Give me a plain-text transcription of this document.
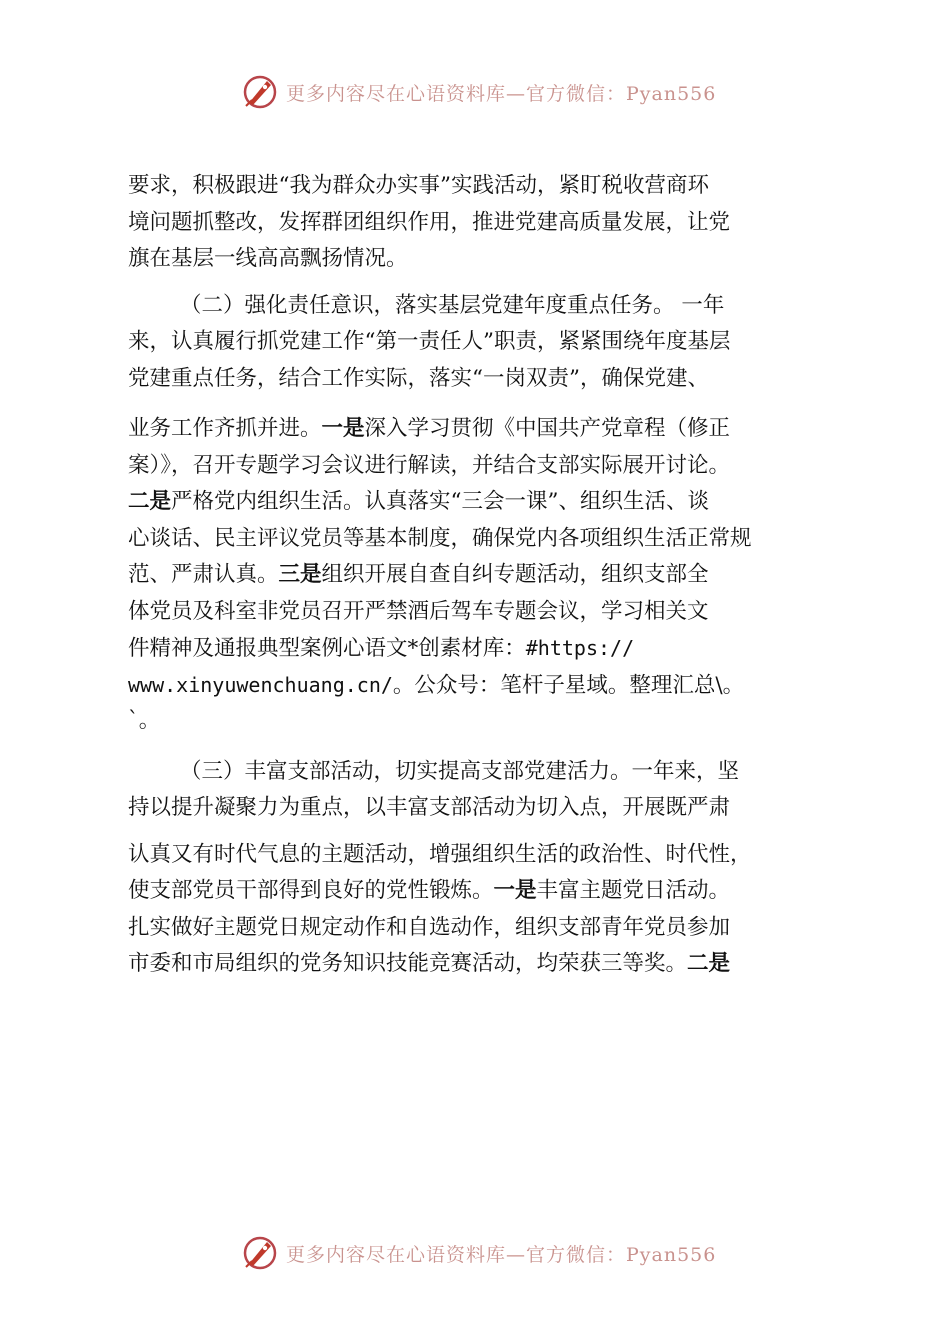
更多内容尽在心语资料库—官方微信：Pyan556
要求，积极跟进“我为群众办实事”实践活动，紧盯税收营商环
境问题抓整改，发挥群团组织作用，推进党建高质量发展，让党
旗在基层一线高高飘扬情况。
（二）强化责任意识，落实基层党建年度重点任务。 一年
来，认真履行抓党建工作“第一责任人”职责，紧紧围绕年度基层
党建重点任务，结合工作实际，落实“一岗双责”，确保党建、
业务工作齐抓并进。一是深入学习贯彻《中国共产党章程（修正
案）》，召开专题学习会议进行解读，并结合支部实际展开讨论。
二是严格党内组织生活。认真落实“三会一课”、组织生活、谈
心谈话、民主评议党员等基本制度，确保党内各项组织生活正常规
范、严肃认真。三是组织开展自查自纠专题活动，组织支部全
体党员及科室非党员召开严禁酒后驾车专题会议，学习相关文
件精神及通报典型案例心语文*创素材库：#https://
www.xinyuwenchuang.cn/。公众号：笔杆子星域。整理汇总\。
`。
（三）丰富支部活动，切实提高支部党建活力。一年来，坚
持以提升凝聚力为重点，以丰富支部活动为切入点，开展既严肃
认真又有时代气息的主题活动，增强组织生活的政治性、时代性，
使支部党员干部得到良好的党性锻炼。一是丰富主题党日活动。
扎实做好主题党日规定动作和自选动作，组织支部青年党员参加
市委和市局组织的党务知识技能竞赛活动，均荣获三等奖。二是
更多内容尽在心语资料库—官方微信：Pyan556
